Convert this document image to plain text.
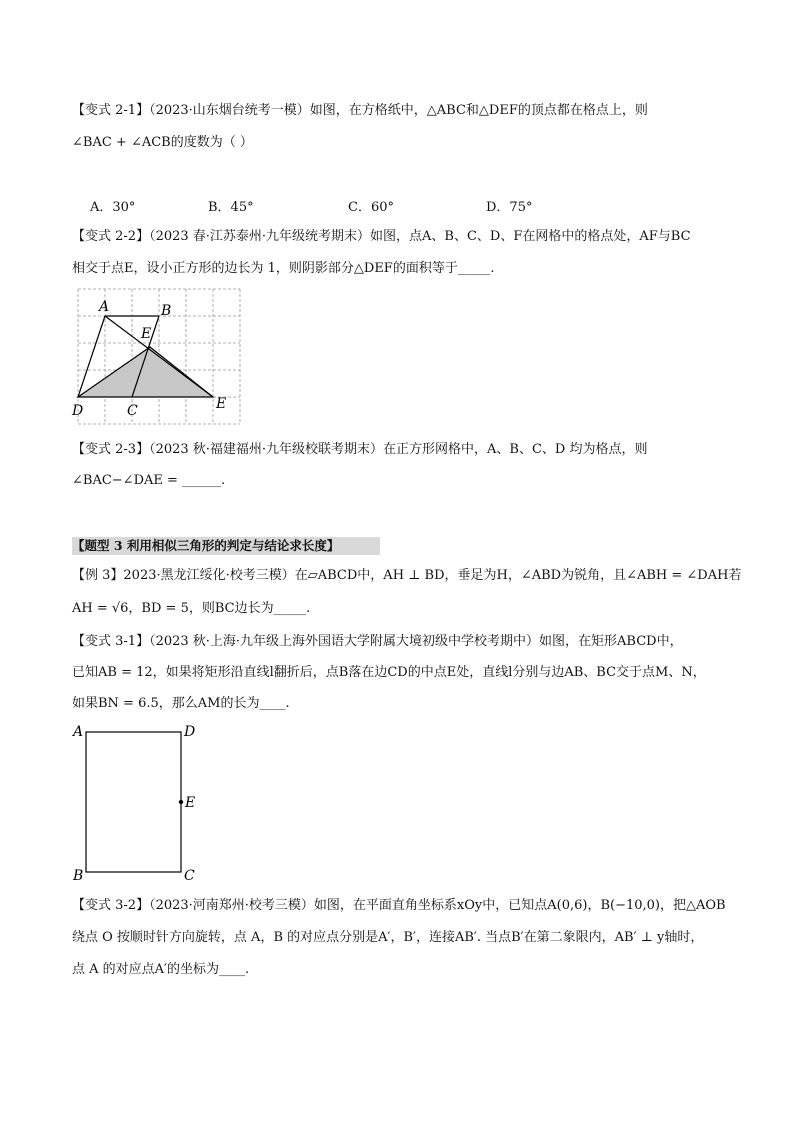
【变式 2-1】（2023·山东烟台统考一模）如图，在方格纸中，△ABC和△DEF的顶点都在格点上，则
∠BAC + ∠ACB的度数为（ ）
A．30°	B．45°	C．60°	D．75°
【变式 2-2】（2023 春·江苏泰州·九年级统考期末）如图，点A、B、C、D、F在网格中的格点处，AF与BC
相交于点E，设小正方形的边长为 1，则阴影部分△DEF的面积等于_____.
A	B
E
D	C	E
【变式 2-3】（2023 秋·福建福州·九年级校联考期末）在正方形网格中，A、B、C、D 均为格点，则
∠BAC−∠DAE = ______.
【题型 3 利用相似三角形的判定与结论求长度】
【例 3】2023·黑龙江绥化·校考三模）在▱ABCD中，AH ⊥ BD，垂足为H，∠ABD为锐角，且∠ABH = ∠DAH若
AH = √6，BD = 5，则BC边长为_____.
【变式 3-1】（2023 秋·上海·九年级上海外国语大学附属大境初级中学校考期中）如图，在矩形ABCD中，
已知AB = 12，如果将矩形沿直线l翻折后，点B落在边CD的中点E处，直线l分别与边AB、BC交于点M、N，
如果BN = 6.5，那么AM的长为____.
A	D
E
B	C
【变式 3-2】（2023·河南郑州·校考三模）如图，在平面直角坐标系xOy中，已知点A(0,6)，B(−10,0)，把△AOB
绕点 O 按顺时针方向旋转，点 A，B 的对应点分别是A′，B′，连接AB′. 当点B′在第二象限内，AB′ ⊥ y轴时，
点 A 的对应点A′的坐标为____.
